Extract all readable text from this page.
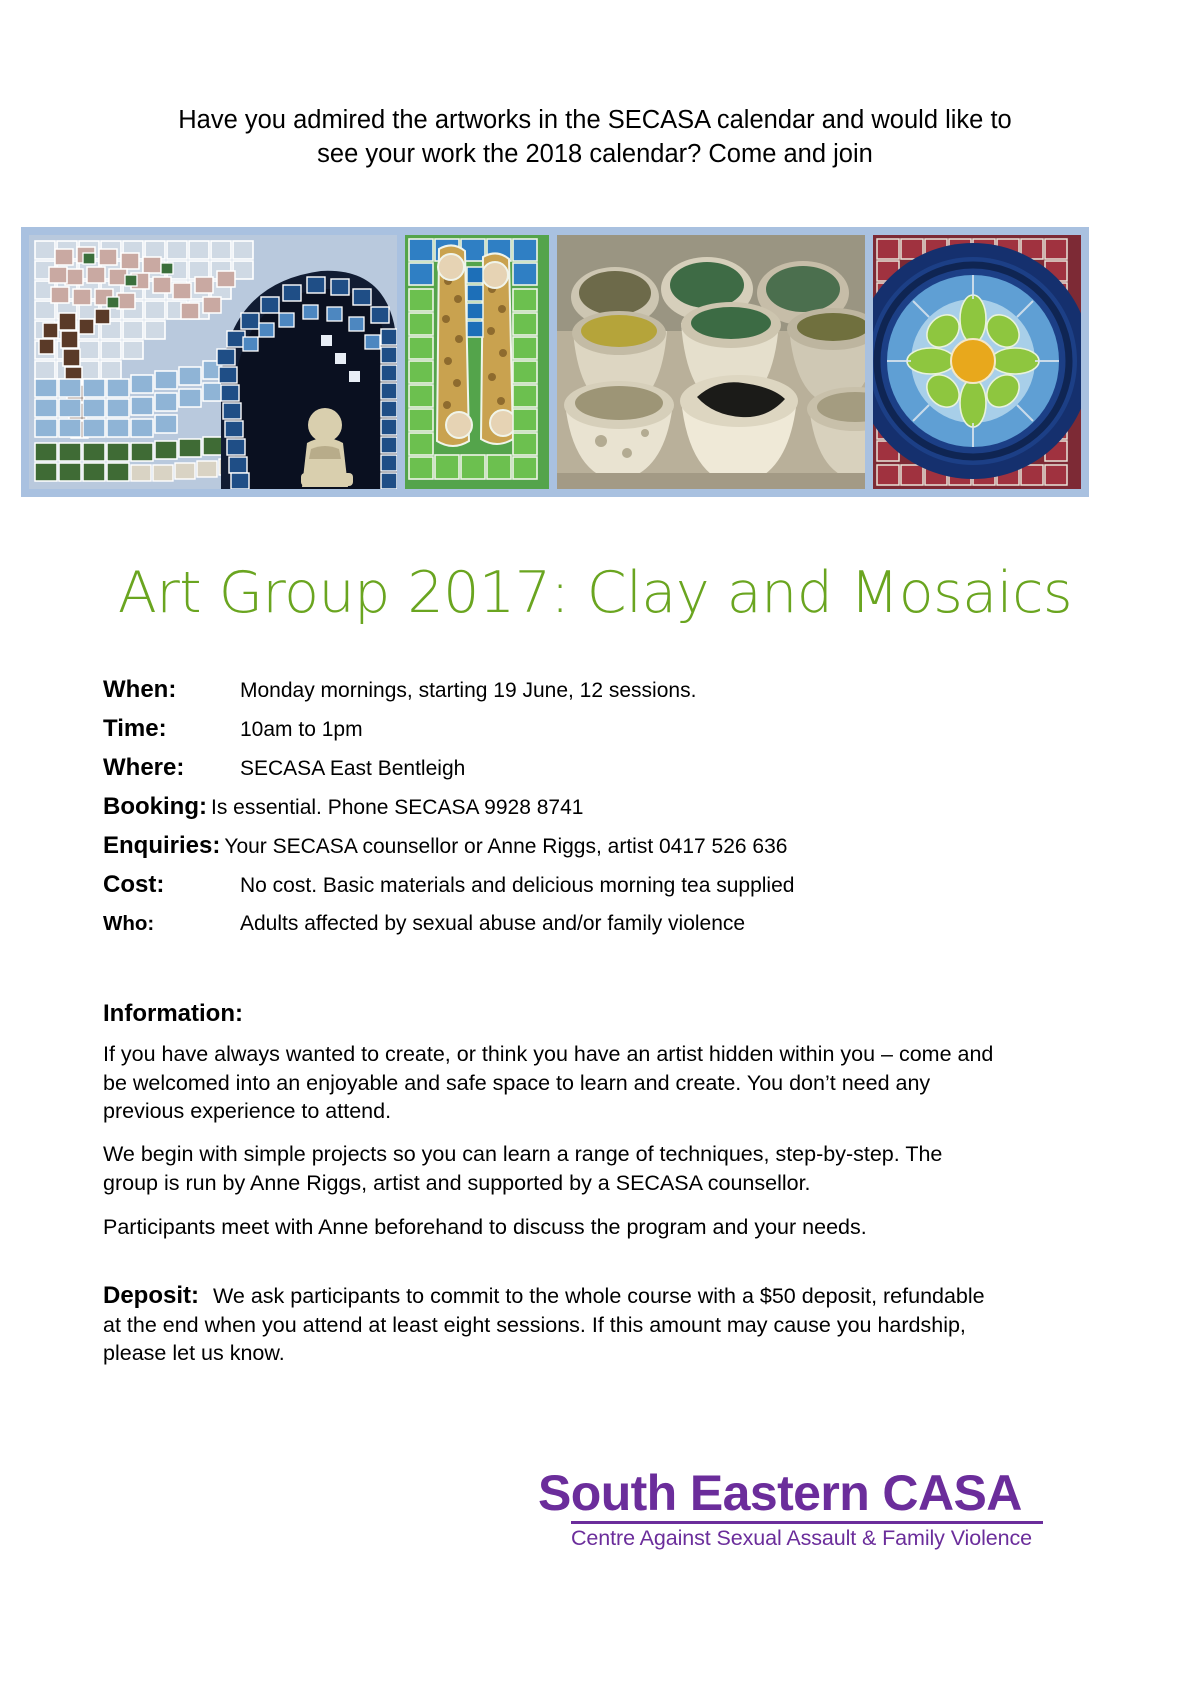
Have you admired the artworks in the SECASA calendar and would like to
see your work the 2018 calendar? Come and join
Art Group 2017: Clay and Mosaics
When:	Monday mornings, starting 19 June, 12 sessions.
Time:	10am to 1pm
Where:	SECASA East Bentleigh
Booking: Is essential. Phone SECASA 9928 8741
Enquiries: Your SECASA counsellor or Anne Riggs, artist 0417 526 636
Cost:	No cost. Basic materials and delicious morning tea supplied
Who:	Adults affected by sexual abuse and/or family violence
Information:

If you have always wanted to create, or think you have an artist hidden within you – come and be welcomed into an enjoyable and safe space to learn and create. You don’t need any previous experience to attend.

We begin with simple projects so you can learn a range of techniques, step-by-step. The group is run by Anne Riggs, artist and supported by a SECASA counsellor.

Participants meet with Anne beforehand to discuss the program and your needs.

Deposit: We ask participants to commit to the whole course with a $50 deposit, refundable at the end when you attend at least eight sessions. If this amount may cause you hardship, please let us know.

South Eastern CASA
Centre Against Sexual Assault & Family Violence
